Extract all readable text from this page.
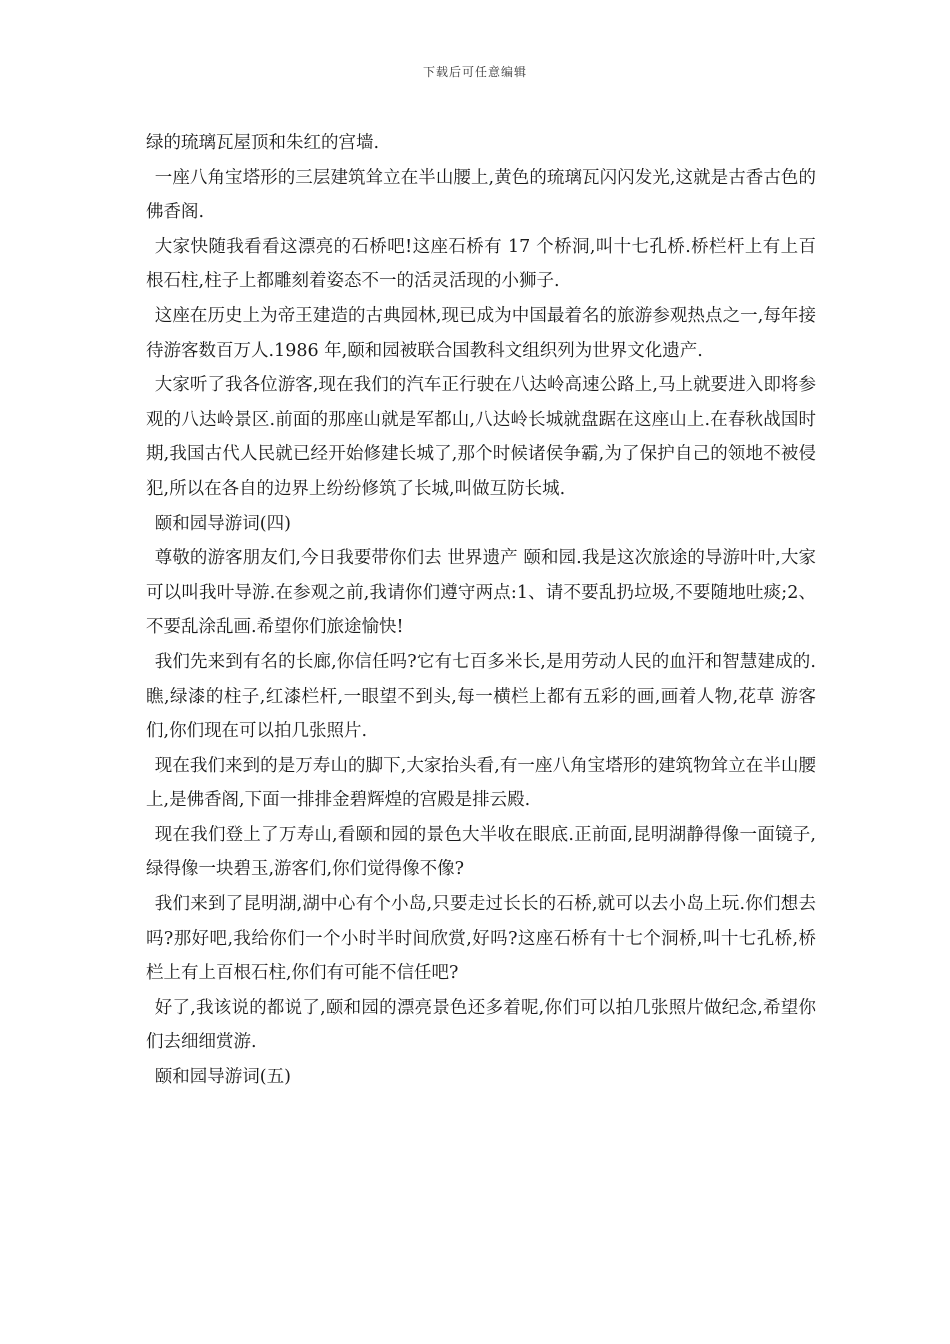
下载后可任意编辑

绿的琉璃瓦屋顶和朱红的宫墙.

一座八角宝塔形的三层建筑耸立在半山腰上,黄色的琉璃瓦闪闪发光,这就是古香古色的佛香阁.

大家快随我看看这漂亮的石桥吧!这座石桥有 17 个桥洞,叫十七孔桥.桥栏杆上有上百根石柱,柱子上都雕刻着姿态不一的活灵活现的小狮子.

这座在历史上为帝王建造的古典园林,现已成为中国最着名的旅游参观热点之一,每年接待游客数百万人.1986 年,颐和园被联合国教科文组织列为世界文化遗产.

大家听了我各位游客,现在我们的汽车正行驶在八达岭高速公路上,马上就要进入即将参观的八达岭景区.前面的那座山就是军都山,八达岭长城就盘踞在这座山上.在春秋战国时期,我国古代人民就已经开始修建长城了,那个时候诸侯争霸,为了保护自己的领地不被侵犯,所以在各自的边界上纷纷修筑了长城,叫做互防长城.

颐和园导游词(四)

尊敬的游客朋友们,今日我要带你们去 世界遗产 颐和园.我是这次旅途的导游叶叶,大家可以叫我叶导游.在参观之前,我请你们遵守两点:1、请不要乱扔垃圾,不要随地吐痰;2、不要乱涂乱画.希望你们旅途愉快!

我们先来到有名的长廊,你信任吗?它有七百多米长,是用劳动人民的血汗和智慧建成的.瞧,绿漆的柱子,红漆栏杆,一眼望不到头,每一横栏上都有五彩的画,画着人物,花草 游客们,你们现在可以拍几张照片.

现在我们来到的是万寿山的脚下,大家抬头看,有一座八角宝塔形的建筑物耸立在半山腰上,是佛香阁,下面一排排金碧辉煌的宫殿是排云殿.

现在我们登上了万寿山,看颐和园的景色大半收在眼底.正前面,昆明湖静得像一面镜子,绿得像一块碧玉,游客们,你们觉得像不像?

我们来到了昆明湖,湖中心有个小岛,只要走过长长的石桥,就可以去小岛上玩.你们想去吗?那好吧,我给你们一个小时半时间欣赏,好吗?这座石桥有十七个洞桥,叫十七孔桥,桥栏上有上百根石柱,你们有可能不信任吧?

好了,我该说的都说了,颐和园的漂亮景色还多着呢,你们可以拍几张照片做纪念,希望你们去细细赏游.

颐和园导游词(五)
